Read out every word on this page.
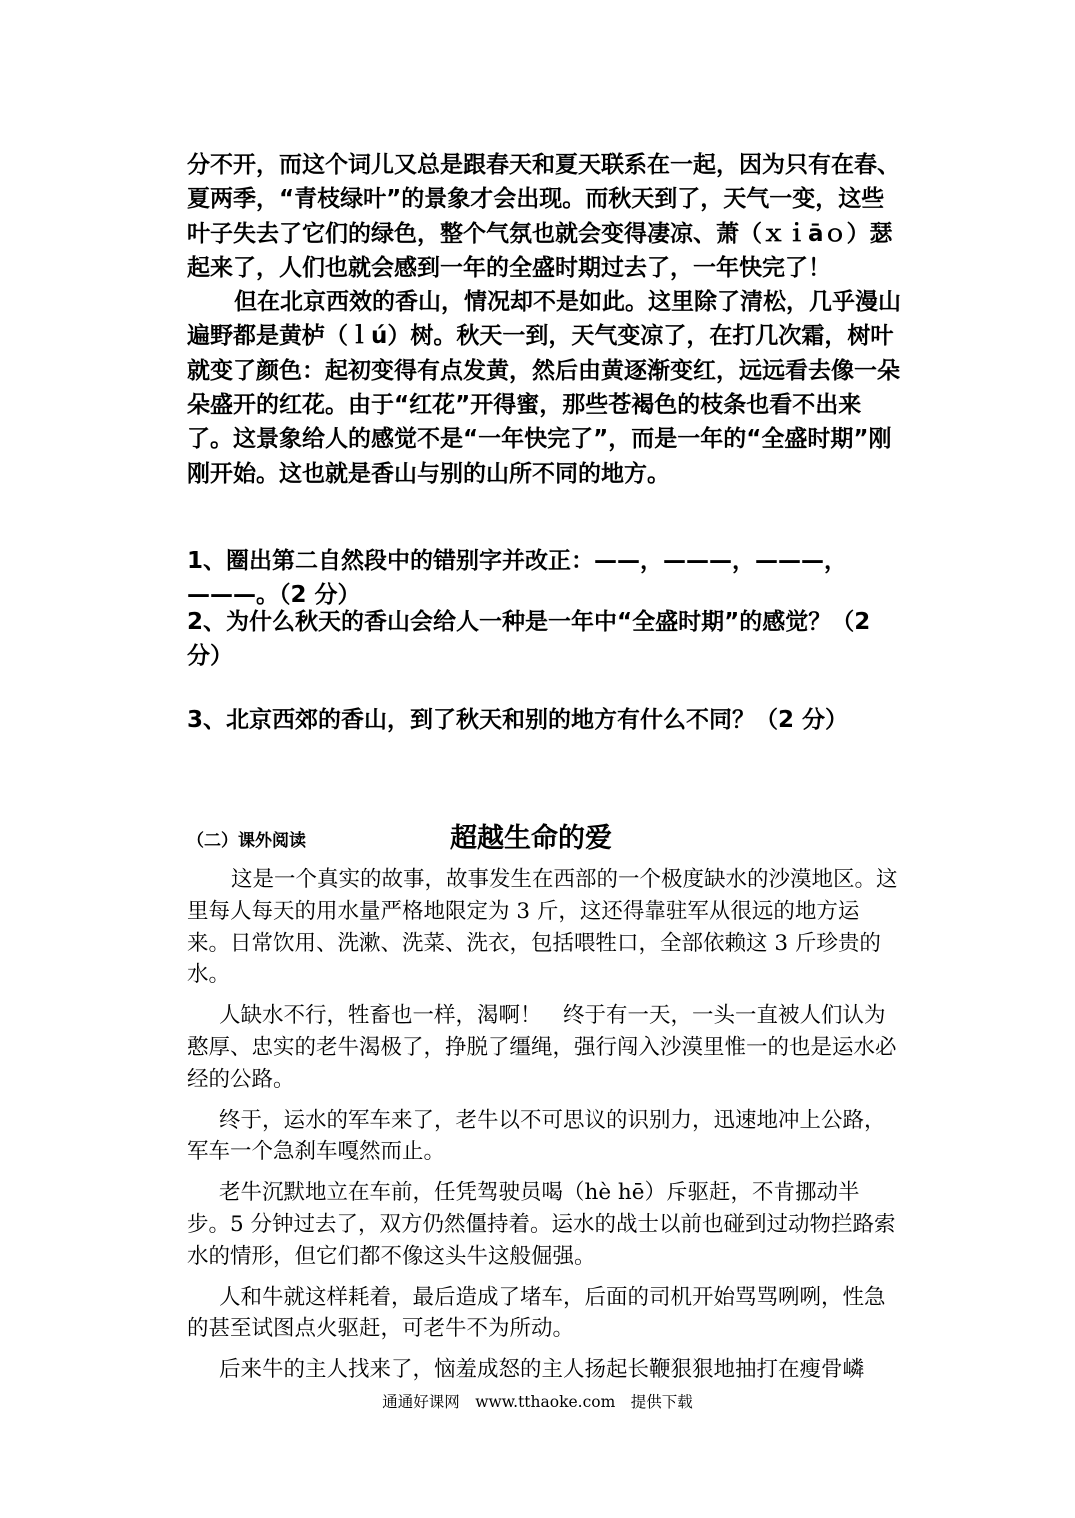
分不开，而这个词儿又总是跟春天和夏天联系在一起，因为只有在春、夏两季，“青枝绿叶”的景象才会出现。而秋天到了，天气一变，这些叶子失去了它们的绿色，整个气氛也就会变得凄凉、萧（ｘｉāｏ）瑟起来了，人们也就会感到一年的全盛时期过去了，一年快完了！

但在北京西效的香山，情况却不是如此。这里除了清松，几乎漫山遍野都是黄栌（ｌú）树。秋天一到，天气变凉了，在打几次霜，树叶就变了颜色：起初变得有点发黄，然后由黄逐渐变红，远远看去像一朵朵盛开的红花。由于“红花”开得蜜，那些苍褐色的枝条也看不出来了。这景象给人的感觉不是“一年快完了”，而是一年的“全盛时期”刚刚开始。这也就是香山与别的山所不同的地方。

1、圈出第二自然段中的错别字并改正：——，———，———，———。（2 分）
2、为什么秋天的香山会给人一种是一年中“全盛时期”的感觉？（2 分）
3、北京西郊的香山，到了秋天和别的地方有什么不同？（2 分）
（二）课外阅读	超越生命的爱

这是一个真实的故事，故事发生在西部的一个极度缺水的沙漠地区。这里每人每天的用水量严格地限定为 3 斤，这还得靠驻军从很远的地方运来。日常饮用、洗漱、洗菜、洗衣，包括喂牲口，全部依赖这 3 斤珍贵的水。

人缺水不行，牲畜也一样，渴啊！　终于有一天，一头一直被人们认为憨厚、忠实的老牛渴极了，挣脱了缰绳，强行闯入沙漠里惟一的也是运水必经的公路。

终于，运水的军车来了，老牛以不可思议的识别力，迅速地冲上公路，军车一个急刹车嘎然而止。

老牛沉默地立在车前，任凭驾驶员喝（hè hē）斥驱赶，不肯挪动半步。5 分钟过去了，双方仍然僵持着。运水的战士以前也碰到过动物拦路索水的情形，但它们都不像这头牛这般倔强。

人和牛就这样耗着，最后造成了堵车，后面的司机开始骂骂咧咧，性急的甚至试图点火驱赶，可老牛不为所动。

后来牛的主人找来了，恼羞成怒的主人扬起长鞭狠狠地抽打在瘦骨嶙

通通好课网　www.tthaoke.com　提供下载
